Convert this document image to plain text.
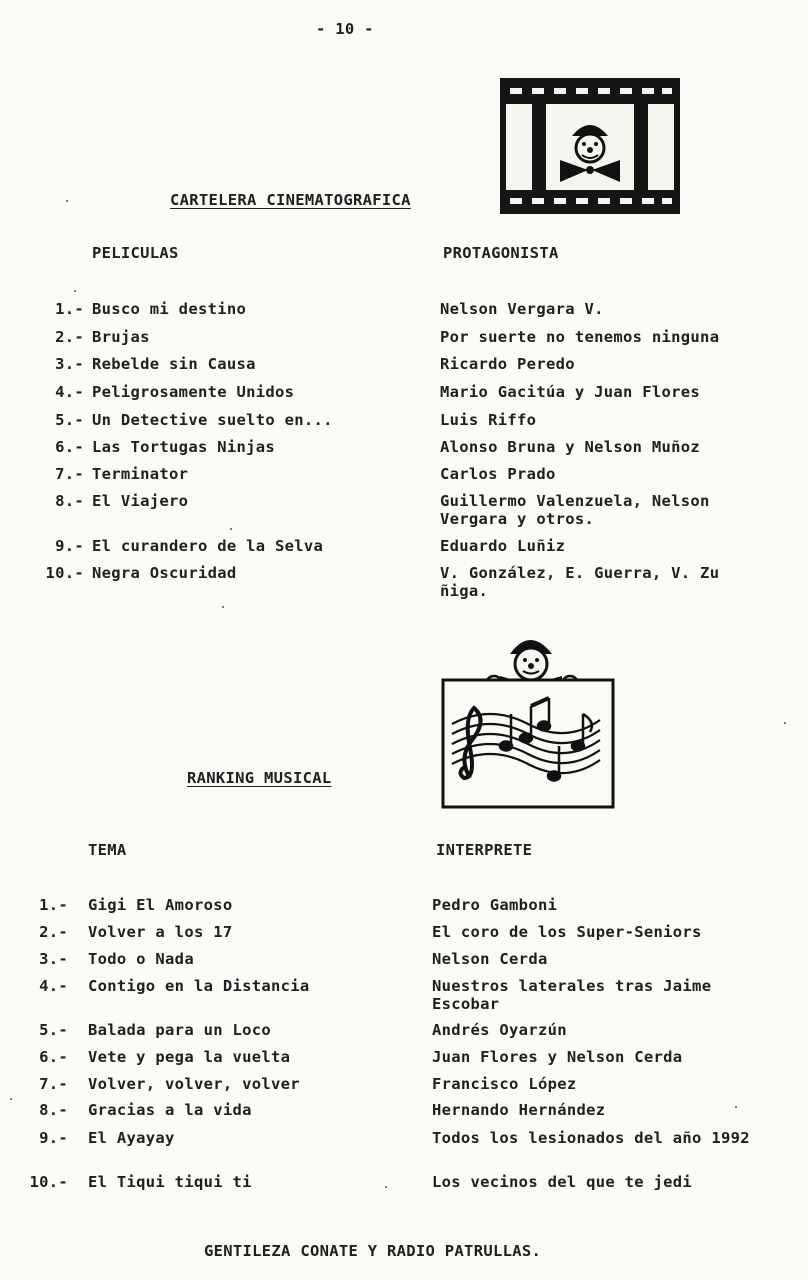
- 10 -
CARTELERA CINEMATOGRAFICA
PELICULAS	PROTAGONISTA
1.- Busco mi destino	Nelson Vergara V.
2.- Brujas	Por suerte no tenemos ninguna
3.- Rebelde sin Causa	Ricardo Peredo
4.- Peligrosamente Unidos	Mario Gacitúa y Juan Flores
5.- Un Detective suelto en...	Luis Riffo
6.- Las Tortugas Ninjas	Alonso Bruna y Nelson Muñoz
7.- Terminator	Carlos Prado
8.- El Viajero	Guillermo Valenzuela, Nelson Vergara y otros.
9.- El curandero de la Selva	Eduardo Luñiz
10.- Negra Oscuridad	V. González, E. Guerra, V. Zu ñiga.
RANKING MUSICAL
TEMA	INTERPRETE
1.- Gigi El Amoroso	Pedro Gamboni
2.- Volver a los 17	El coro de los Super-Seniors
3.- Todo o Nada	Nelson Cerda
4.- Contigo en la Distancia	Nuestros laterales tras Jaime Escobar
5.- Balada para un Loco	Andrés Oyarzún
6.- Vete y pega la vuelta	Juan Flores y Nelson Cerda
7.- Volver, volver, volver	Francisco López
8.- Gracias a la vida	Hernando Hernández
9.- El Ayayay	Todos los lesionados del año 1992
10.- El Tiqui tiqui ti	Los vecinos del que te jedi
GENTILEZA CONATE Y RADIO PATRULLAS.
